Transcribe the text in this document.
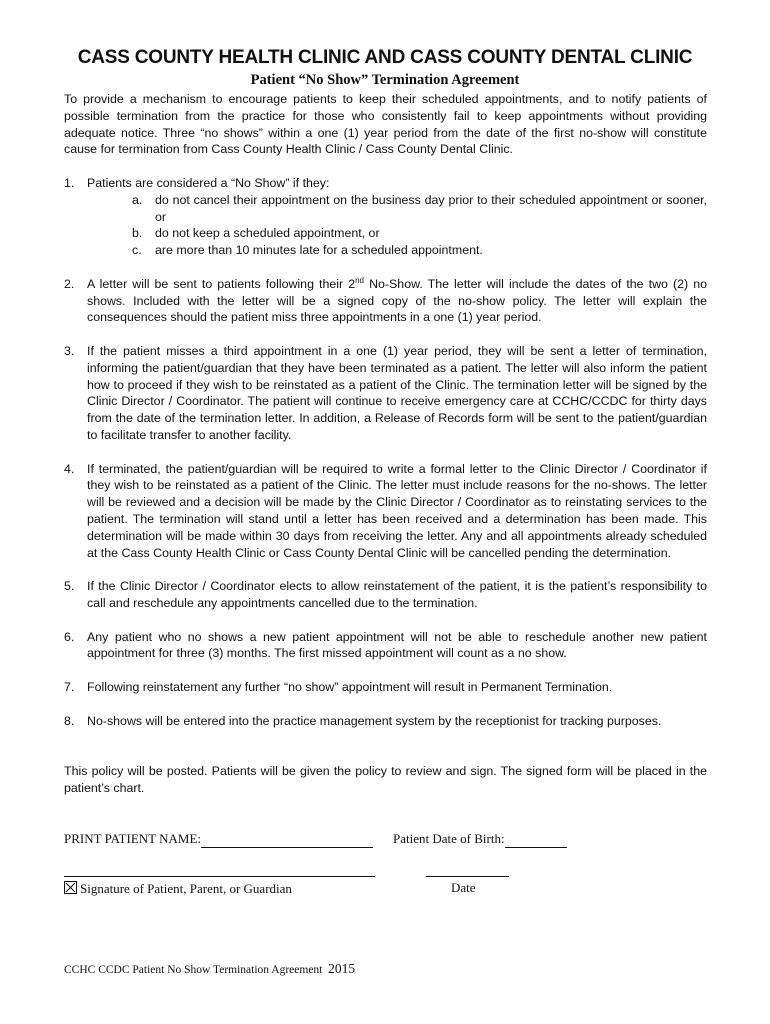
CASS COUNTY HEALTH CLINIC AND CASS COUNTY DENTAL CLINIC
Patient “No Show” Termination Agreement
To provide a mechanism to encourage patients to keep their scheduled appointments, and to notify patients of possible termination from the practice for those who consistently fail to keep appointments without providing adequate notice. Three “no shows” within a one (1) year period from the date of the first no-show will constitute cause for termination from Cass County Health Clinic / Cass County Dental Clinic.
1. Patients are considered a “No Show” if they:
a. do not cancel their appointment on the business day prior to their scheduled appointment or sooner, or
b. do not keep a scheduled appointment, or
c. are more than 10 minutes late for a scheduled appointment.
2. A letter will be sent to patients following their 2nd No-Show. The letter will include the dates of the two (2) no shows. Included with the letter will be a signed copy of the no-show policy. The letter will explain the consequences should the patient miss three appointments in a one (1) year period.
3. If the patient misses a third appointment in a one (1) year period, they will be sent a letter of termination, informing the patient/guardian that they have been terminated as a patient. The letter will also inform the patient how to proceed if they wish to be reinstated as a patient of the Clinic. The termination letter will be signed by the Clinic Director / Coordinator. The patient will continue to receive emergency care at CCHC/CCDC for thirty days from the date of the termination letter. In addition, a Release of Records form will be sent to the patient/guardian to facilitate transfer to another facility.
4. If terminated, the patient/guardian will be required to write a formal letter to the Clinic Director / Coordinator if they wish to be reinstated as a patient of the Clinic. The letter must include reasons for the no-shows. The letter will be reviewed and a decision will be made by the Clinic Director / Coordinator as to reinstating services to the patient. The termination will stand until a letter has been received and a determination has been made. This determination will be made within 30 days from receiving the letter. Any and all appointments already scheduled at the Cass County Health Clinic or Cass County Dental Clinic will be cancelled pending the determination.
5. If the Clinic Director / Coordinator elects to allow reinstatement of the patient, it is the patient’s responsibility to call and reschedule any appointments cancelled due to the termination.
6. Any patient who no shows a new patient appointment will not be able to reschedule another new patient appointment for three (3) months. The first missed appointment will count as a no show.
7. Following reinstatement any further “no show” appointment will result in Permanent Termination.
8. No-shows will be entered into the practice management system by the receptionist for tracking purposes.
This policy will be posted. Patients will be given the policy to review and sign. The signed form will be placed in the patient’s chart.
PRINT PATIENT NAME:	Patient Date of Birth:
Signature of Patient, Parent, or Guardian	Date
CCHC CCDC Patient No Show Termination Agreement 2015
